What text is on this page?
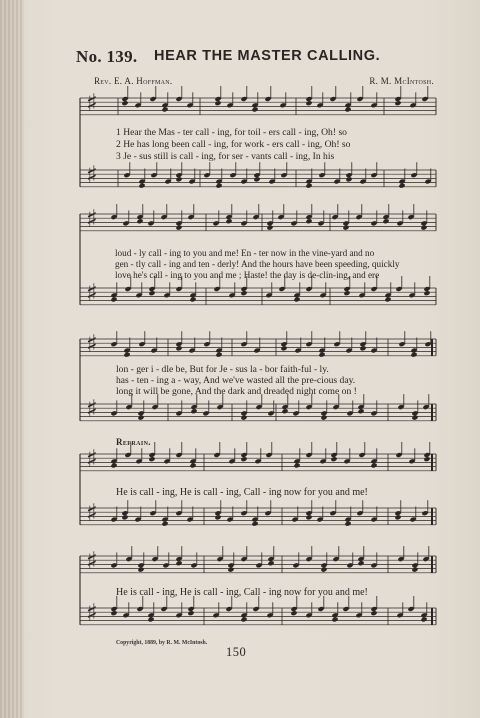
No. 139. HEAR THE MASTER CALLING.
Rev. E. A. Hoffman.	R. M. McIntosh.
♯
♯
♯
♯
♯
♯
♯
♯
♯
♯
1 Hear the Mas - ter call - ing, for toil - ers call - ing, Oh! so
2 He has long been call - ing, for work - ers call - ing, Oh! so
3 Je - sus still is call - ing, for ser - vants call - ing, In his
loud - ly call - ing to you and me! En - ter now in the vine-yard and no
gen - tly call - ing and ten - derly! And the hours have been speeding, quickly
love he's call - ing to you and me ; Haste! the day is de-clin-ing, and ere
lon - ger i - dle be, But for Je - sus la - bor faith-ful - ly.
has - ten - ing a - way, And we've wasted all the pre-cious day.
long it will be gone, And the dark and dreaded night come on !
Refrain.
He is call - ing, He is call - ing, Call - ing now for you and me!
He is call - ing, He is call - ing, Call - ing now for you and me!
Copyright, 1889, by R. M. McIntosh.
150
